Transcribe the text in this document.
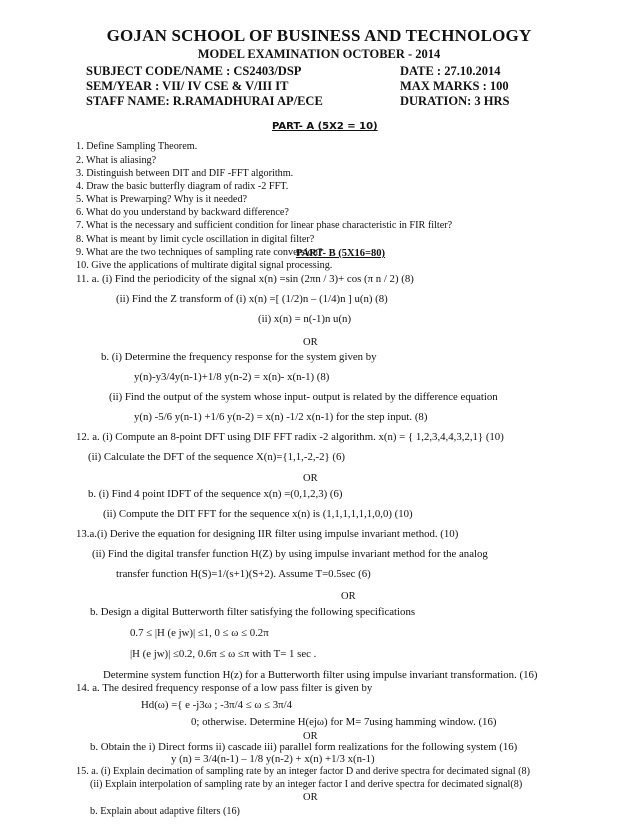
GOJAN SCHOOL OF BUSINESS AND TECHNOLOGY
MODEL EXAMINATION OCTOBER - 2014
SUBJECT CODE/NAME : CS2403/DSP	DATE : 27.10.2014
SEM/YEAR : VII/ IV CSE & V/III IT	MAX MARKS : 100
STAFF NAME: R.RAMADHURAI AP/ECE	DURATION: 3 HRS
PART- A (5X2 = 10)
1. Define Sampling Theorem.
2. What is aliasing?
3. Distinguish between DIT and DIF -FFT algorithm.
4. Draw the basic butterfly diagram of radix -2 FFT.
5. What is Prewarping? Why is it needed?
6. What do you understand by backward difference?
7. What is the necessary and sufficient condition for linear phase characteristic in FIR filter?
8. What is meant by limit cycle oscillation in digital filter?
9. What are the two techniques of sampling rate conversion?
10. Give the applications of multirate digital signal processing.
PART- B (5X16=80)
11. a. (i) Find the periodicity of the signal x(n) =sin (2πn / 3)+ cos (π n / 2) (8)
(ii) Find the Z transform of (i) x(n) =[ (1/2)n – (1/4)n ] u(n) (8)
(ii) x(n) = n(-1)n u(n)
OR
b. (i) Determine the frequency response for the system given by
y(n)-y3/4y(n-1)+1/8 y(n-2) = x(n)- x(n-1) (8)
(ii) Find the output of the system whose input- output is related by the difference equation
y(n) -5/6 y(n-1) +1/6 y(n-2) = x(n) -1/2 x(n-1) for the step input. (8)
12. a. (i) Compute an 8-point DFT using DIF FFT radix -2 algorithm. x(n) = { 1,2,3,4,4,3,2,1} (10)
(ii) Calculate the DFT of the sequence X(n)={1,1,-2,-2} (6)
OR
b. (i) Find 4 point IDFT of the sequence x(n) =(0,1,2,3) (6)
(ii) Compute the DIT FFT for the sequence x(n) is (1,1,1,1,1,1,0,0) (10)
13.a.(i) Derive the equation for designing IIR filter using impulse invariant method. (10)
(ii) Find the digital transfer function H(Z) by using impulse invariant method for the analog
transfer function H(S)=1/(s+1)(S+2). Assume T=0.5sec (6)
OR
b. Design a digital Butterworth filter satisfying the following specifications
0.7 ≤ |H (e jw)| ≤1, 0 ≤ ω ≤ 0.2π
|H (e jw)| ≤0.2, 0.6π ≤ ω ≤π with T= 1 sec .
Determine system function H(z) for a Butterworth filter using impulse invariant transformation. (16)
14. a. The desired frequency response of a low pass filter is given by
Hd(ω) ={ e -j3ω ; -3π/4 ≤ ω ≤ 3π/4
0; otherwise. Determine H(ejω) for M= 7using hamming window. (16)
OR
b. Obtain the i) Direct forms ii) cascade iii) parallel form realizations for the following system (16)
y (n) = 3/4(n-1) – 1/8 y(n-2) + x(n) +1/3 x(n-1)
15. a. (i) Explain decimation of sampling rate by an integer factor D and derive spectra for decimated signal (8)
(ii) Explain interpolation of sampling rate by an integer factor I and derive spectra for decimated signal(8)
OR
b. Explain about adaptive filters (16)
